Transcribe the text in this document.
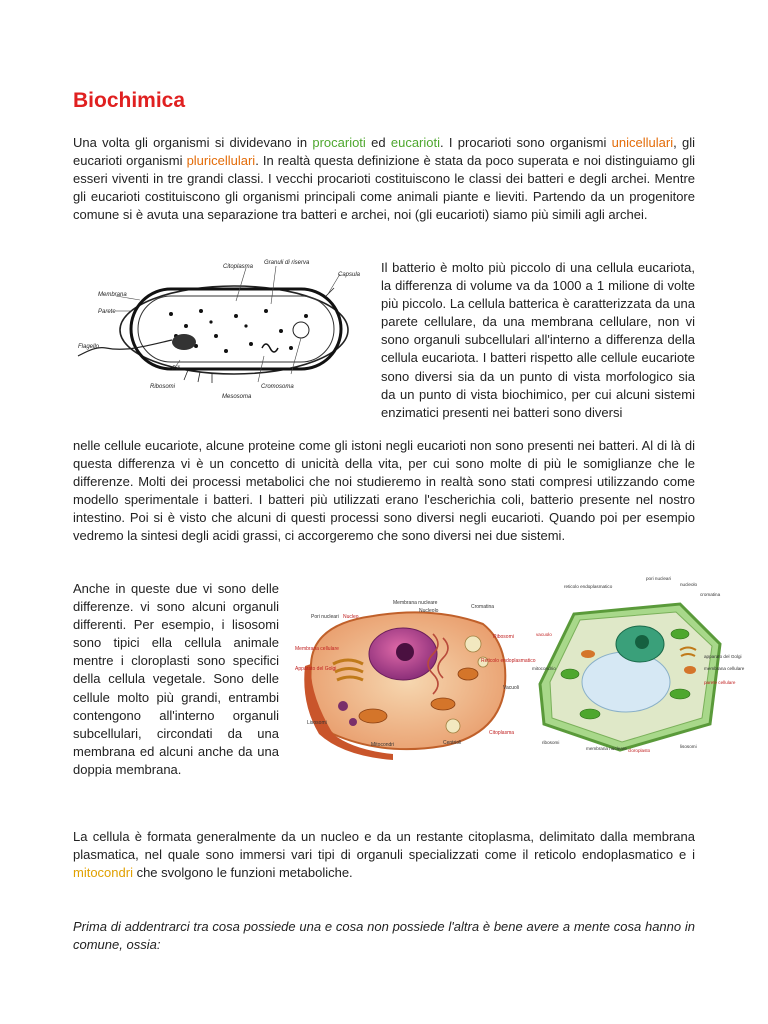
Biochimica

Una volta gli organismi si dividevano in procarioti ed eucarioti. I procarioti sono organismi unicellulari, gli eucarioti organismi pluricellulari. In realtà questa definizione è stata da poco superata e noi distinguiamo gli esseri viventi in tre grandi classi. I vecchi procarioti costituiscono le classi dei batteri e degli archei. Mentre gli eucarioti costituiscono gli organismi principali come animali piante e lieviti. Partendo da un progenitore comune si è avuta una separazione tra batteri e archei, noi (gli eucarioti) siamo più simili agli archei.

Citoplasma
Granuli di riserva
Capsula
Membrana
Parete
Flagello
Pili
Ribosomi
Mesosoma
Cromosoma

Il batterio è molto più piccolo di una cellula eucariota, la differenza di volume va da 1000 a 1 milione di volte più piccolo. La cellula batterica è caratterizzata da una parete cellulare, da una membrana cellulare, non vi sono organuli subcellulari all'interno a differenza della cellula eucariota. I batteri rispetto alle cellule eucariote sono diversi sia da un punto di vista morfologico sia da un punto di vista biochimico, per cui alcuni sistemi enzimatici presenti nei batteri sono diversi

nelle cellule eucariote, alcune proteine come gli istoni negli eucarioti non sono presenti nei batteri. Al di là di questa differenza vi è un concetto di unicità della vita, per cui sono molte di più le somiglianze che le differenze. Molti dei processi metabolici che noi studieremo in realtà sono stati compresi utilizzando come modello sperimentale i batteri. I batteri più utilizzati erano l'escherichia coli, batterio presente nel nostro intestino. Poi si è visto che alcuni di questi processi sono diversi negli eucarioti. Quando poi per esempio vedremo la sintesi degli acidi grassi, ci accorgeremo che sono diversi nei due sistemi.

Anche in queste due vi sono delle differenze. vi sono alcuni organuli differenti. Per esempio, i lisosomi sono tipici ella cellula animale mentre i cloroplasti sono specifici della cellula vegetale. Sono delle cellule molto più grandi, entrambi contengono all'interno organuli subcellulari, circondati da una membrana ed alcuni anche da una doppia membrana.

Membrana nucleare
Nucleolo
Cromatina
Pori nucleari Nucleo
Ribosomi
Membrana cellulare
Reticolo endoplasmatico
Apparato del Golgi
Vacuoli
Lisosomi
Citoplasma
Mitocondri	Centrioli
reticolo endoplasmatico
pori nucleari
nucleolo
cromatina
vacuolo
mitocondrio
apparato del Golgi
membrana cellulare
parete cellulare
ribosomi
membrana nucleare cloroplasto
lisosomi

La cellula è formata generalmente da un nucleo e da un restante citoplasma, delimitato dalla membrana plasmatica, nel quale sono immersi vari tipi di organuli specializzati come il reticolo endoplasmatico e i mitocondri che svolgono le funzioni metaboliche.

Prima di addentrarci tra cosa possiede una e cosa non possiede l'altra è bene avere a mente cosa hanno in comune, ossia:
